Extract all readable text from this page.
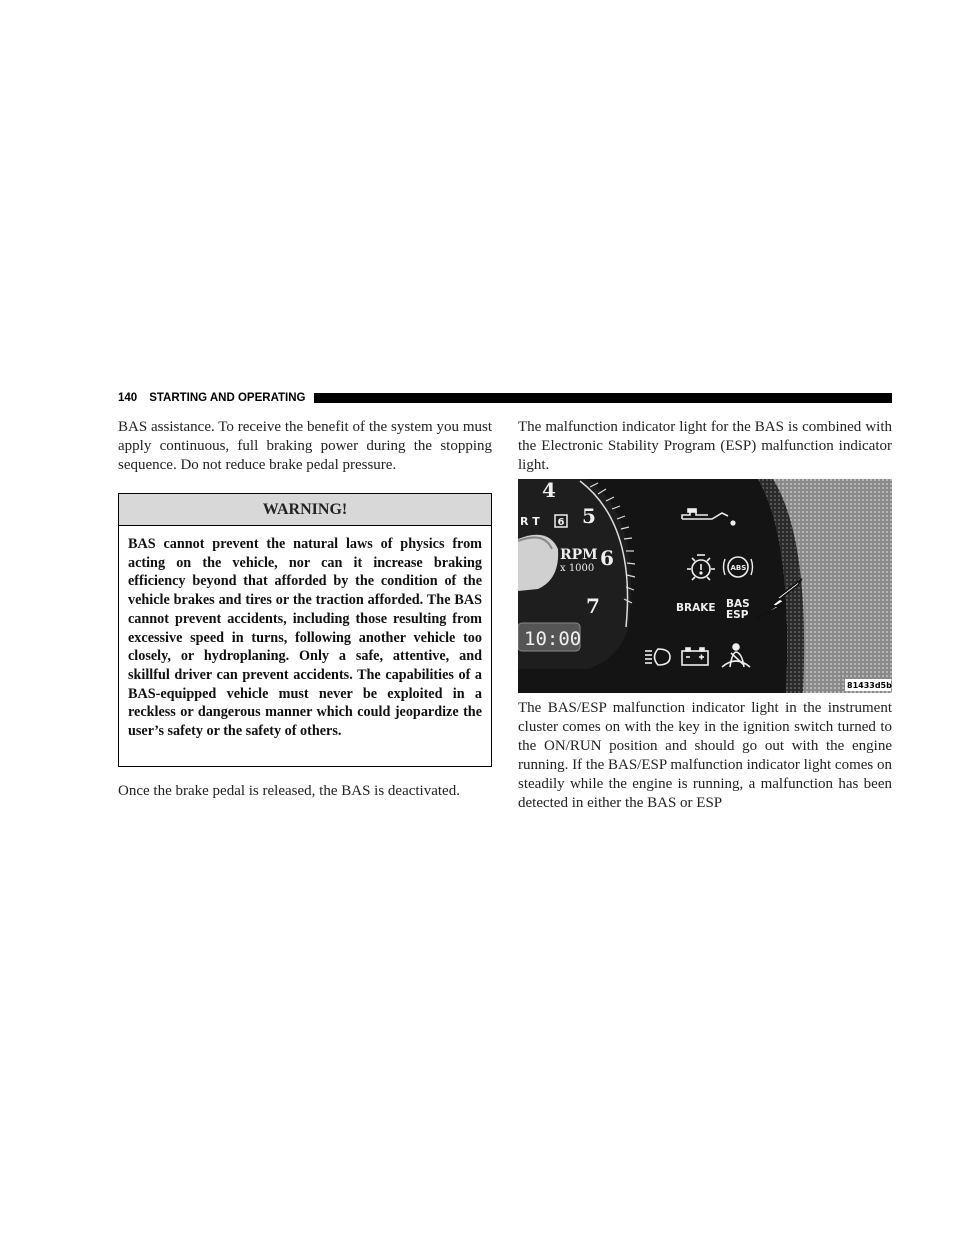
140 STARTING AND OPERATING

BAS assistance. To receive the benefit of the system you must apply continuous, full braking power during the stopping sequence. Do not reduce brake pedal pressure.

WARNING!
BAS cannot prevent the natural laws of physics from acting on the vehicle, nor can it increase braking efficiency beyond that afforded by the condition of the vehicle brakes and tires or the traction afforded. The BAS cannot prevent accidents, including those resulting from excessive speed in turns, following another vehicle too closely, or hydroplaning. Only a safe, attentive, and skillful driver can prevent accidents. The capabilities of a BAS-equipped vehicle must never be exploited in a reckless or dangerous manner which could jeopardize the user’s safety or the safety of others.

Once the brake pedal is released, the BAS is deactivated.

The malfunction indicator light for the BAS is combined with the Electronic Stability Program (ESP) malfunction indicator light.

4
5
6
7
R T 6
RPM
x 1000
10:00
ABS
BRAKE BAS
ESP
81433d5b

The BAS/ESP malfunction indicator light in the instrument cluster comes on with the key in the ignition switch turned to the ON/RUN position and should go out with the engine running. If the BAS/ESP malfunction indicator light comes on steadily while the engine is running, a malfunction has been detected in either the BAS or ESP
